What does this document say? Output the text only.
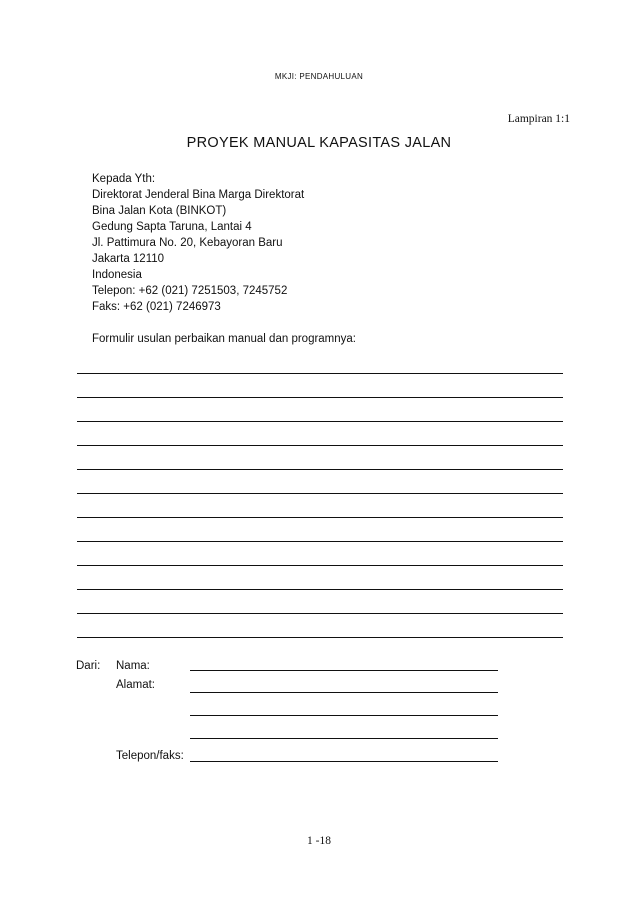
MKJI: PENDAHULUAN
Lampiran 1:1
PROYEK MANUAL KAPASITAS JALAN
Kepada Yth:
Direktorat Jenderal Bina Marga Direktorat
Bina Jalan Kota (BINKOT)
Gedung Sapta Taruna, Lantai 4
Jl. Pattimura No. 20, Kebayoran Baru
Jakarta 12110
Indonesia
Telepon: +62 (021) 7251503, 7245752
Faks: +62 (021) 7246973
Formulir usulan perbaikan manual dan programnya:
Dari: Nama:
Alamat:
Telepon/faks:
1 -18
